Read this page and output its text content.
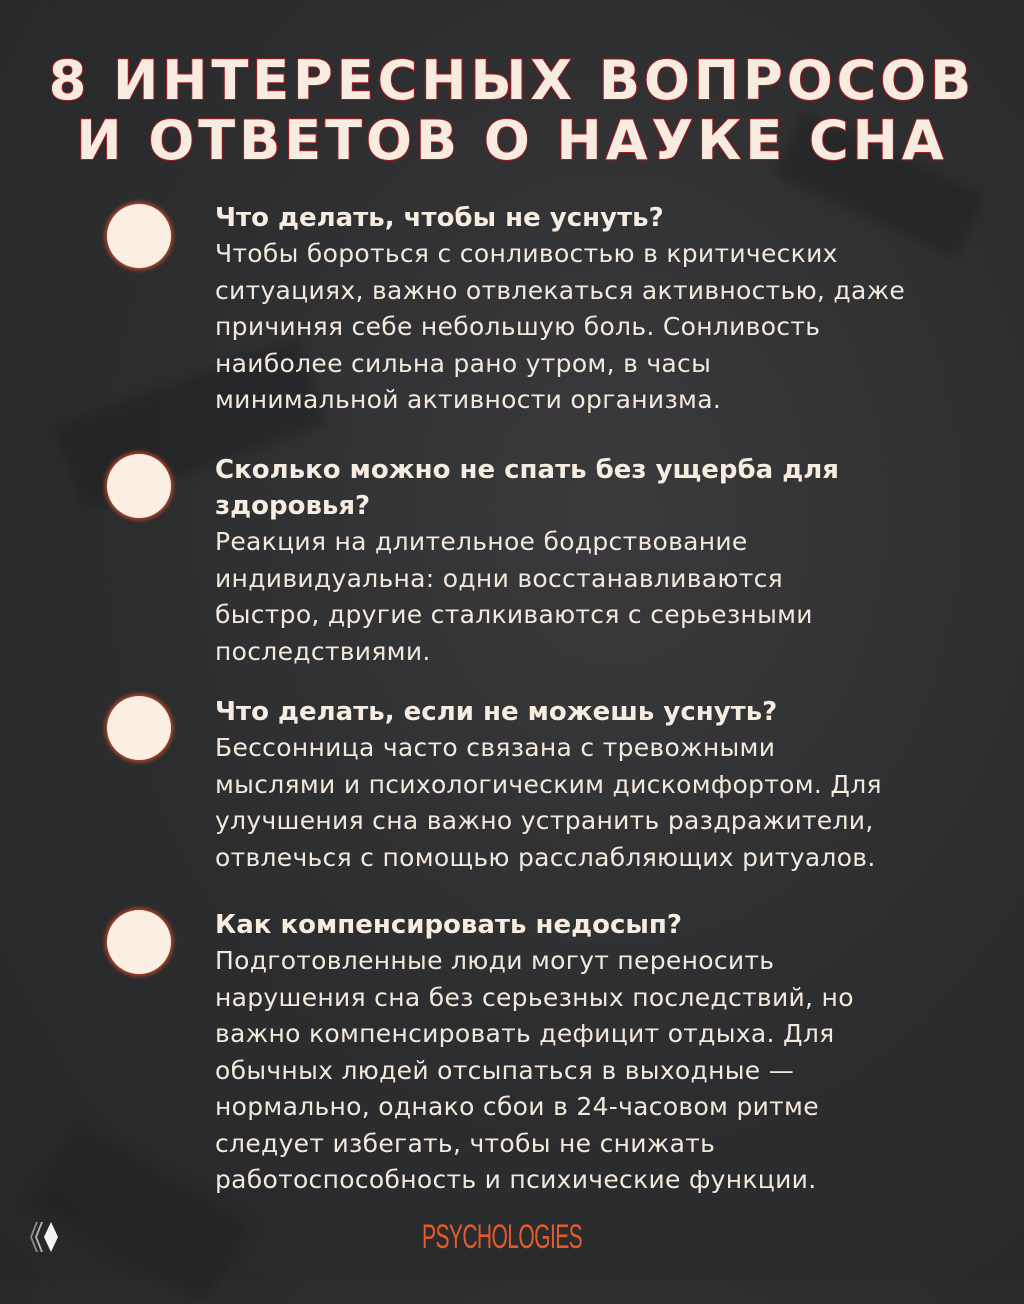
8 ИНТЕРЕСНЫХ ВОПРОСОВ
И ОТВЕТОВ О НАУКЕ СНА
Что делать, чтобы не уснуть?
Чтобы бороться с сонливостью в критических
ситуациях, важно отвлекаться активностью, даже
причиняя себе небольшую боль. Сонливость
наиболее сильна рано утром, в часы
минимальной активности организма.
Сколько можно не спать без ущерба для
здоровья?
Реакция на длительное бодрствование
индивидуальна: одни восстанавливаются
быстро, другие сталкиваются с серьезными
последствиями.
Что делать, если не можешь уснуть?
Бессонница часто связана с тревожными
мыслями и психологическим дискомфортом. Для
улучшения сна важно устранить раздражители,
отвлечься с помощью расслабляющих ритуалов.
Как компенсировать недосып?
Подготовленные люди могут переносить
нарушения сна без серьезных последствий, но
важно компенсировать дефицит отдыха. Для
обычных людей отсыпаться в выходные —
нормально, однако сбои в 24-часовом ритме
следует избегать, чтобы не снижать
работоспособность и психические функции.
PSYCHOLOGIES
